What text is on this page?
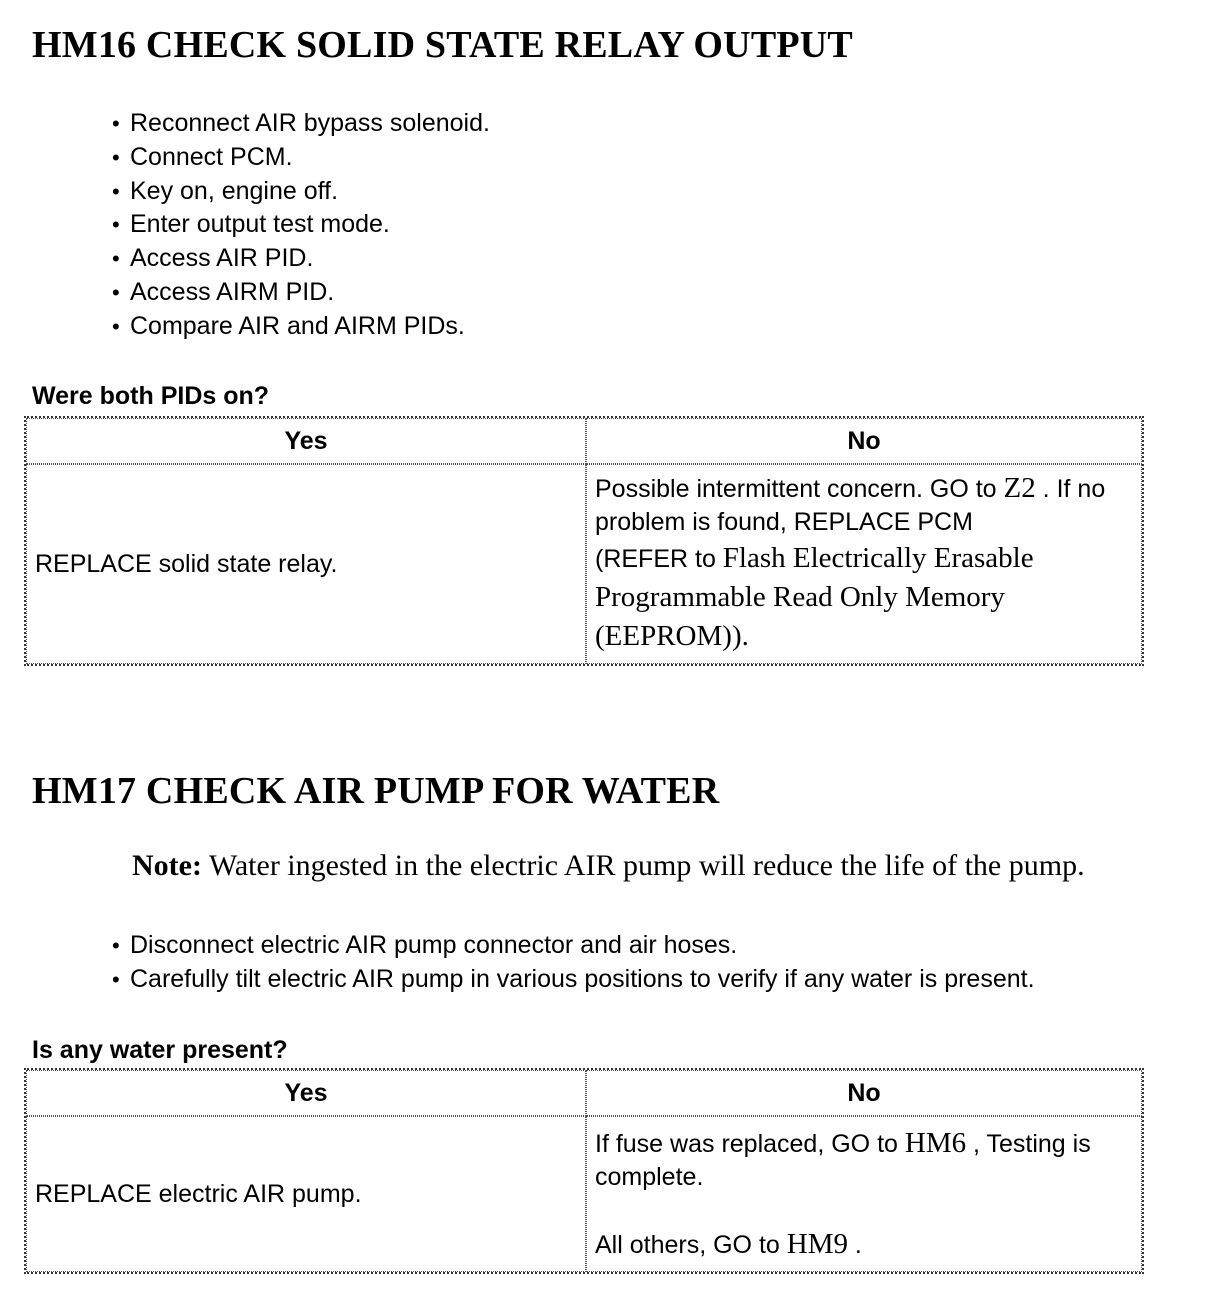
HM16 CHECK SOLID STATE RELAY OUTPUT
• Reconnect AIR bypass solenoid.
• Connect PCM.
• Key on, engine off.
• Enter output test mode.
• Access AIR PID.
• Access AIRM PID.
• Compare AIR and AIRM PIDs.

Were both PIDs on?

Yes	No
REPLACE solid state relay.	Possible intermittent concern. GO to Z2 . If no problem is found, REPLACE PCM
(REFER to Flash Electrically Erasable Programmable Read Only Memory (EEPROM)).
HM17 CHECK AIR PUMP FOR WATER

Note: Water ingested in the electric AIR pump will reduce the life of the pump.

• Disconnect electric AIR pump connector and air hoses.
• Carefully tilt electric AIR pump in various positions to verify if any water is present.

Is any water present?

Yes	No
REPLACE electric AIR pump.	If fuse was replaced, GO to HM6 , Testing is complete.
All others, GO to HM9 .
